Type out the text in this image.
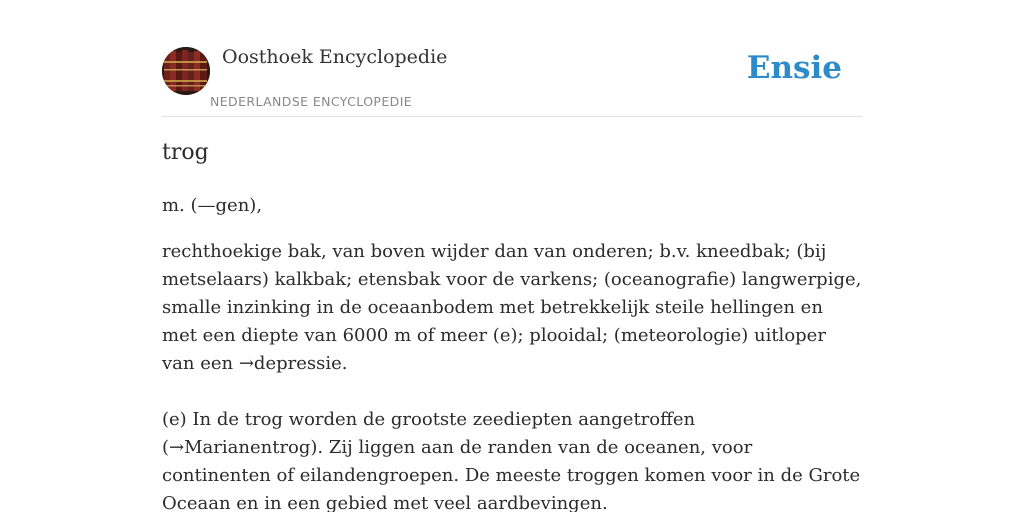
Oosthoek Encyclopedie
NEDERLANDSE ENCYCLOPEDIE
Ensie
trog

m. (—gen),

rechthoekige bak, van boven wijder dan van onderen; b.v. kneedbak; (bij metselaars) kalkbak; etensbak voor de varkens; (oceanografie) langwerpige, smalle inzinking in de oceaanbodem met betrekkelijk steile hellingen en met een diepte van 6000 m of meer (e); plooidal; (meteorologie) uitloper van een →depressie.

(e) In de trog worden de grootste zeediepten aangetroffen (→Marianentrog). Zij liggen aan de randen van de oceanen, voor continenten of eilandengroepen. De meeste troggen komen voor in de Grote Oceaan en in een gebied met veel aardbevingen.
